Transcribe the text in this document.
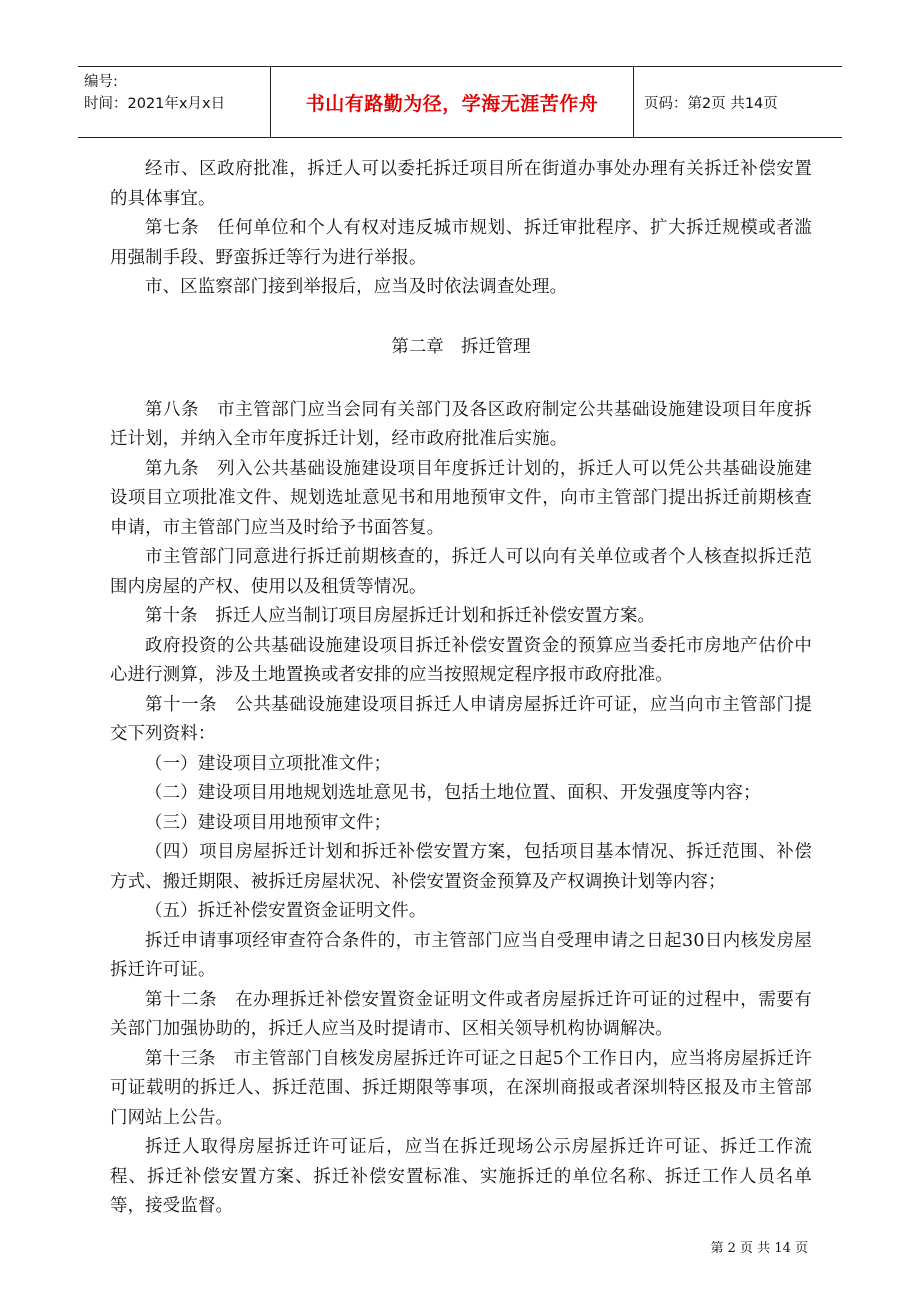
编号:
时间：2021年x月x日	书山有路勤为径，学海无涯苦作舟	页码：第2页 共14页

经市、区政府批准，拆迁人可以委托拆迁项目所在街道办事处办理有关拆迁补偿安置的具体事宜。

第七条　任何单位和个人有权对违反城市规划、拆迁审批程序、扩大拆迁规模或者滥用强制手段、野蛮拆迁等行为进行举报。

市、区监察部门接到举报后，应当及时依法调查处理。

第二章　拆迁管理

第八条　市主管部门应当会同有关部门及各区政府制定公共基础设施建设项目年度拆迁计划，并纳入全市年度拆迁计划，经市政府批准后实施。

第九条　列入公共基础设施建设项目年度拆迁计划的，拆迁人可以凭公共基础设施建设项目立项批准文件、规划选址意见书和用地预审文件，向市主管部门提出拆迁前期核查申请，市主管部门应当及时给予书面答复。

市主管部门同意进行拆迁前期核查的，拆迁人可以向有关单位或者个人核查拟拆迁范围内房屋的产权、使用以及租赁等情况。

第十条　拆迁人应当制订项目房屋拆迁计划和拆迁补偿安置方案。

政府投资的公共基础设施建设项目拆迁补偿安置资金的预算应当委托市房地产估价中心进行测算，涉及土地置换或者安排的应当按照规定程序报市政府批准。

第十一条　公共基础设施建设项目拆迁人申请房屋拆迁许可证，应当向市主管部门提交下列资料：

（一）建设项目立项批准文件；

（二）建设项目用地规划选址意见书，包括土地位置、面积、开发强度等内容；

（三）建设项目用地预审文件；

（四）项目房屋拆迁计划和拆迁补偿安置方案，包括项目基本情况、拆迁范围、补偿方式、搬迁期限、被拆迁房屋状况、补偿安置资金预算及产权调换计划等内容；

（五）拆迁补偿安置资金证明文件。

拆迁申请事项经审查符合条件的，市主管部门应当自受理申请之日起30日内核发房屋拆迁许可证。

第十二条　在办理拆迁补偿安置资金证明文件或者房屋拆迁许可证的过程中，需要有关部门加强协助的，拆迁人应当及时提请市、区相关领导机构协调解决。

第十三条　市主管部门自核发房屋拆迁许可证之日起5个工作日内，应当将房屋拆迁许可证载明的拆迁人、拆迁范围、拆迁期限等事项，在深圳商报或者深圳特区报及市主管部门网站上公告。

拆迁人取得房屋拆迁许可证后，应当在拆迁现场公示房屋拆迁许可证、拆迁工作流程、拆迁补偿安置方案、拆迁补偿安置标准、实施拆迁的单位名称、拆迁工作人员名单等，接受监督。

第 2 页 共 14 页
